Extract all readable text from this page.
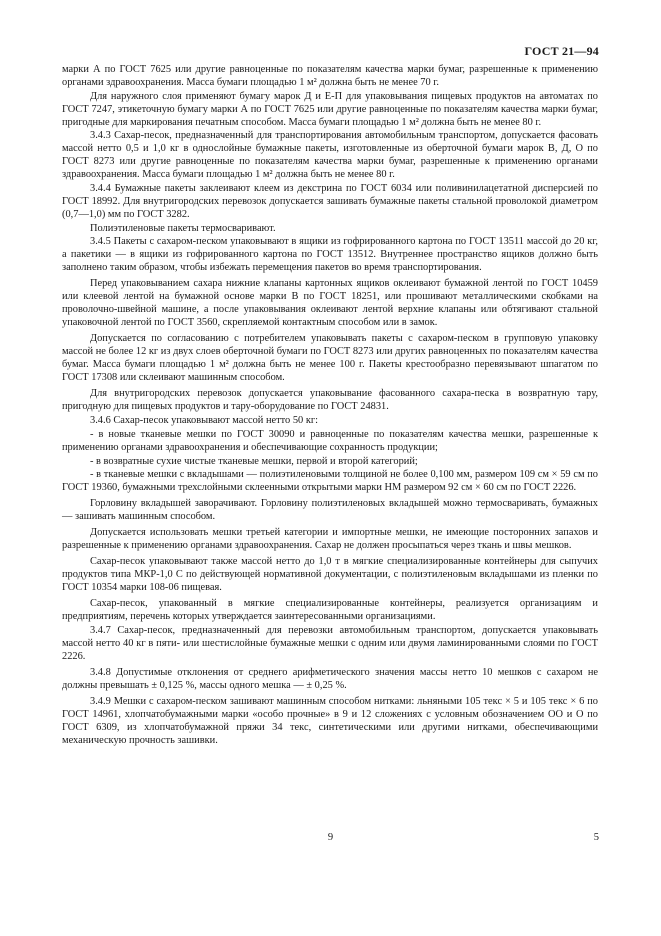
ГОСТ 21—94

марки А по ГОСТ 7625 или другие равноценные по показателям качества марки бумаг, разрешенные к применению органами здравоохранения. Масса бумаги площадью 1 м² должна быть не менее 70 г.

Для наружного слоя применяют бумагу марок Д и Е-П для упаковывания пищевых продуктов на автоматах по ГОСТ 7247, этикеточную бумагу марки А по ГОСТ 7625 или другие равноценные по показателям качества марки бумаг, пригодные для маркирования печатным способом. Масса бумаги площадью 1 м² должна быть не менее 80 г.

3.4.3 Сахар-песок, предназначенный для транспортирования автомобильным транспортом, допускается фасовать массой нетто 0,5 и 1,0 кг в однослойные бумажные пакеты, изготовленные из оберточной бумаги марок В, Д, О по ГОСТ 8273 или другие равноценные по показателям качества марки бумаг, разрешенные к применению органами здравоохранения. Масса бумаги площадью 1 м² должна быть не менее 80 г.

3.4.4 Бумажные пакеты заклеивают клеем из декстрина по ГОСТ 6034 или поливинилацетатной дисперсией по ГОСТ 18992. Для внутригородских перевозок допускается зашивать бумажные пакеты стальной проволокой диаметром (0,7—1,0) мм по ГОСТ 3282.

Полиэтиленовые пакеты термосваривают.

3.4.5 Пакеты с сахаром-песком упаковывают в ящики из гофрированного картона по ГОСТ 13511 массой до 20 кг, а пакетики — в ящики из гофрированного картона по ГОСТ 13512. Внутреннее пространство ящиков должно быть заполнено таким образом, чтобы избежать перемещения пакетов во время транспортирования.

Перед упаковыванием сахара нижние клапаны картонных ящиков оклеивают бумажной лентой по ГОСТ 10459 или клеевой лентой на бумажной основе марки В по ГОСТ 18251, или прошивают металлическими скобками на проволочно-швейной машине, а после упаковывания оклеивают лентой верхние клапаны или обтягивают стальной упаковочной лентой по ГОСТ 3560, скрепляемой контактным способом или в замок.

Допускается по согласованию с потребителем упаковывать пакеты с сахаром-песком в групповую упаковку массой не более 12 кг из двух слоев оберточной бумаги по ГОСТ 8273 или других равноценных по показателям качества бумаг. Масса бумаги площадью 1 м² должна быть не менее 100 г. Пакеты крестообразно перевязывают шпагатом по ГОСТ 17308 или склеивают машинным способом.

Для внутригородских перевозок допускается упаковывание фасованного сахара-песка в возвратную тару, пригодную для пищевых продуктов и тару-оборудование по ГОСТ 24831.

3.4.6 Сахар-песок упаковывают массой нетто 50 кг:

- в новые тканевые мешки по ГОСТ 30090 и равноценные по показателям качества мешки, разрешенные к применению органами здравоохранения и обеспечивающие сохранность продукции;

- в возвратные сухие чистые тканевые мешки, первой и второй категорий;

- в тканевые мешки с вкладышами — полиэтиленовыми толщиной не более 0,100 мм, размером 109 см × 59 см по ГОСТ 19360, бумажными трехслойными склеенными открытыми марки НМ размером 92 см × 60 см по ГОСТ 2226.

Горловину вкладышей заворачивают. Горловину полиэтиленовых вкладышей можно термосваривать, бумажных — зашивать машинным способом.

Допускается использовать мешки третьей категории и импортные мешки, не имеющие посторонних запахов и разрешенные к применению органами здравоохранения. Сахар не должен просыпаться через ткань и швы мешков.

Сахар-песок упаковывают также массой нетто до 1,0 т в мягкие специализированные контейнеры для сыпучих продуктов типа МКР-1,0 С по действующей нормативной документации, с полиэтиленовым вкладышами из пленки по ГОСТ 10354 марки 108-06 пищевая.

Сахар-песок, упакованный в мягкие специализированные контейнеры, реализуется организациям и предприятиям, перечень которых утверждается заинтересованными организациями.

3.4.7 Сахар-песок, предназначенный для перевозки автомобильным транспортом, допускается упаковывать массой нетто 40 кг в пяти- или шестислойные бумажные мешки с одним или двумя ламинированными слоями по ГОСТ 2226.

3.4.8 Допустимые отклонения от среднего арифметического значения массы нетто 10 мешков с сахаром не должны превышать ± 0,125 %, массы одного мешка — ± 0,25 %.

3.4.9 Мешки с сахаром-песком зашивают машинным способом нитками: льняными 105 текс × 5 и 105 текс × 6 по ГОСТ 14961, хлопчатобумажными марки «особо прочные» в 9 и 12 сложениях с условным обозначением ОО и О по ГОСТ 6309, из хлопчатобумажной пряжи 34 текс, синтетическими или другими нитками, обеспечивающими механическую прочность зашивки.

9	5
